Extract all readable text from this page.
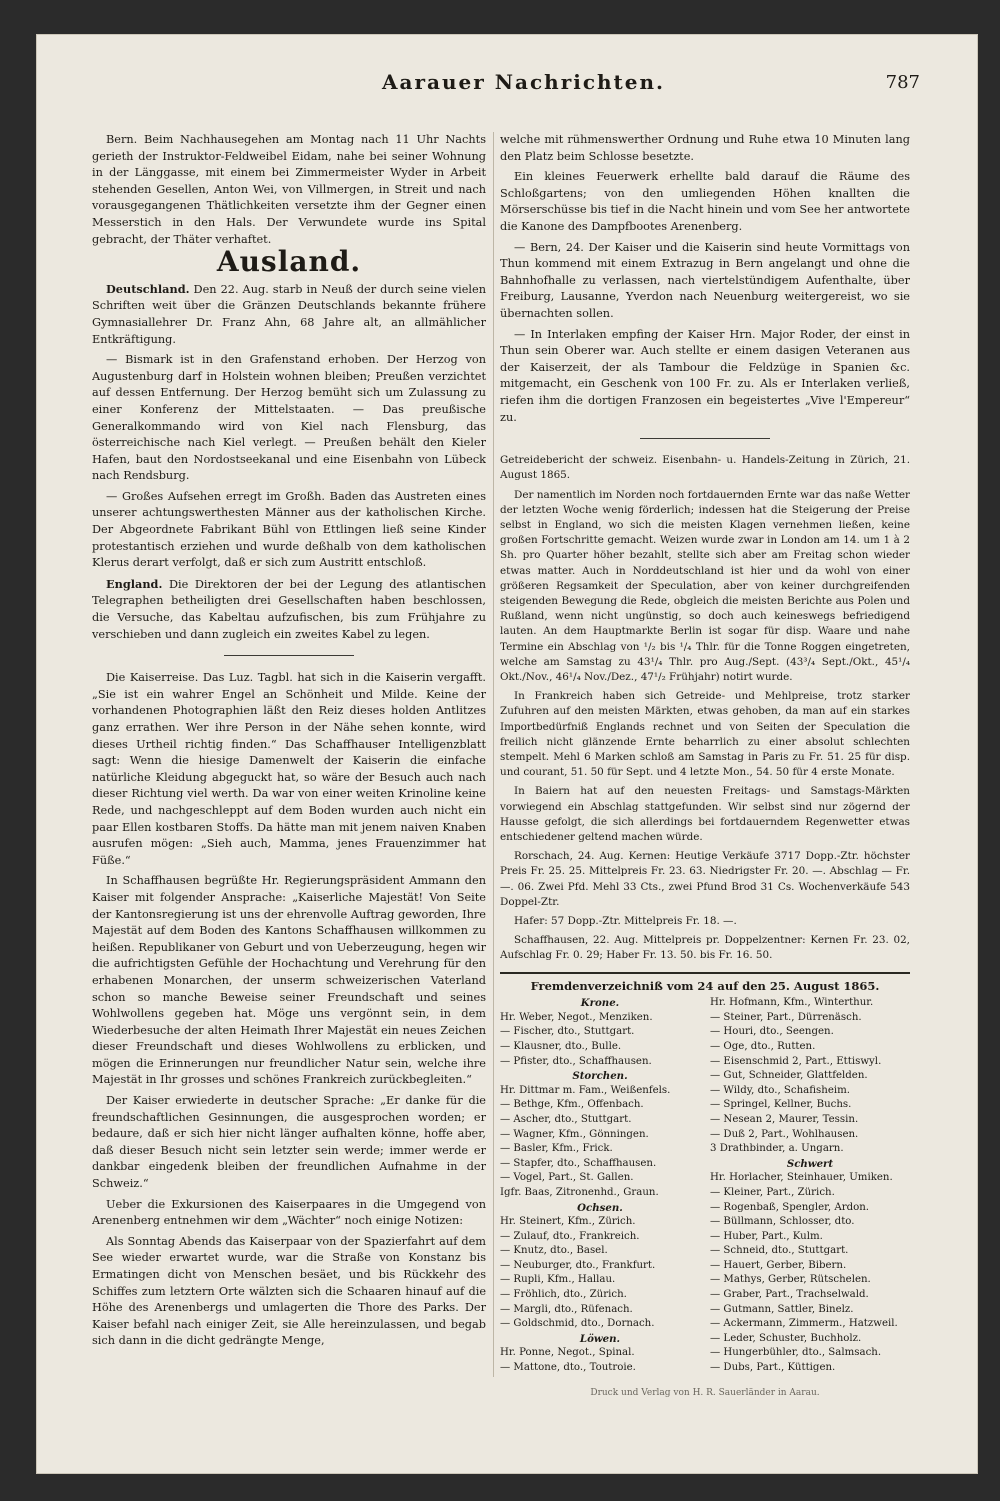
Aarauer Nachrichten.	787

Bern. Beim Nachhausegehen am Montag nach 11 Uhr Nachts gerieth der Instruktor-Feldweibel Eidam, nahe bei seiner Wohnung in der Länggasse, mit einem bei Zimmermeister Wyder in Arbeit stehenden Gesellen, Anton Wei, von Villmergen, in Streit und nach vorausgegangenen Thätlichkeiten versetzte ihm der Gegner einen Messerstich in den Hals. Der Verwundete wurde ins Spital gebracht, der Thäter verhaftet.

Ausland.

Deutschland. Den 22. Aug. starb in Neuß der durch seine vielen Schriften weit über die Gränzen Deutschlands bekannte frühere Gymnasiallehrer Dr. Franz Ahn, 68 Jahre alt, an allmählicher Entkräftigung.

— Bismark ist in den Grafenstand erhoben. Der Herzog von Augustenburg darf in Holstein wohnen bleiben; Preußen verzichtet auf dessen Entfernung. Der Herzog bemüht sich um Zulassung zu einer Konferenz der Mittelstaaten. — Das preußische Generalkommando wird von Kiel nach Flensburg, das österreichische nach Kiel verlegt. — Preußen behält den Kieler Hafen, baut den Nordostseekanal und eine Eisenbahn von Lübeck nach Rendsburg.

— Großes Aufsehen erregt im Großh. Baden das Austreten eines unserer achtungswerthesten Männer aus der katholischen Kirche. Der Abgeordnete Fabrikant Bühl von Ettlingen ließ seine Kinder protestantisch erziehen und wurde deßhalb von dem katholischen Klerus derart verfolgt, daß er sich zum Austritt entschloß.

England. Die Direktoren der bei der Legung des atlantischen Telegraphen betheiligten drei Gesellschaften haben beschlossen, die Versuche, das Kabeltau aufzufischen, bis zum Frühjahre zu verschieben und dann zugleich ein zweites Kabel zu legen.

Die Kaiserreise. Das Luz. Tagbl. hat sich in die Kaiserin vergafft. „Sie ist ein wahrer Engel an Schönheit und Milde. Keine der vorhandenen Photographien läßt den Reiz dieses holden Antlitzes ganz errathen. Wer ihre Person in der Nähe sehen konnte, wird dieses Urtheil richtig finden.“ Das Schaffhauser Intelligenzblatt sagt: Wenn die hiesige Damenwelt der Kaiserin die einfache natürliche Kleidung abgeguckt hat, so wäre der Besuch auch nach dieser Richtung viel werth. Da war von einer weiten Krinoline keine Rede, und nachgeschleppt auf dem Boden wurden auch nicht ein paar Ellen kostbaren Stoffs. Da hätte man mit jenem naiven Knaben ausrufen mögen: „Sieh auch, Mamma, jenes Frauenzimmer hat Füße.“

In Schaffhausen begrüßte Hr. Regierungspräsident Ammann den Kaiser mit folgender Ansprache: „Kaiserliche Majestät! Von Seite der Kantonsregierung ist uns der ehrenvolle Auftrag geworden, Ihre Majestät auf dem Boden des Kantons Schaffhausen willkommen zu heißen. Republikaner von Geburt und von Ueberzeugung, hegen wir die aufrichtigsten Gefühle der Hochachtung und Verehrung für den erhabenen Monarchen, der unserm schweizerischen Vaterland schon so manche Beweise seiner Freundschaft und seines Wohlwollens gegeben hat. Möge uns vergönnt sein, in dem Wiederbesuche der alten Heimath Ihrer Majestät ein neues Zeichen dieser Freundschaft und dieses Wohlwollens zu erblicken, und mögen die Erinnerungen nur freundlicher Natur sein, welche ihre Majestät in Ihr grosses und schönes Frankreich zurückbegleiten.“

Der Kaiser erwiederte in deutscher Sprache: „Er danke für die freundschaftlichen Gesinnungen, die ausgesprochen worden; er bedaure, daß er sich hier nicht länger aufhalten könne, hoffe aber, daß dieser Besuch nicht sein letzter sein werde; immer werde er dankbar eingedenk bleiben der freundlichen Aufnahme in der Schweiz.“

Ueber die Exkursionen des Kaiserpaares in die Umgegend von Arenenberg entnehmen wir dem „Wächter“ noch einige Notizen:

Als Sonntag Abends das Kaiserpaar von der Spazierfahrt auf dem See wieder erwartet wurde, war die Straße von Konstanz bis Ermatingen dicht von Menschen besäet, und bis Rückkehr des Schiffes zum letztern Orte wälzten sich die Schaaren hinauf auf die Höhe des Arenenbergs und umlagerten die Thore des Parks. Der Kaiser befahl nach einiger Zeit, sie Alle hereinzulassen, und begab sich dann in die dicht gedrängte Menge,

welche mit rühmenswerther Ordnung und Ruhe etwa 10 Minuten lang den Platz beim Schlosse besetzte.

Ein kleines Feuerwerk erhellte bald darauf die Räume des Schloßgartens; von den umliegenden Höhen knallten die Mörserschüsse bis tief in die Nacht hinein und vom See her antwortete die Kanone des Dampfbootes Arenenberg.

— Bern, 24. Der Kaiser und die Kaiserin sind heute Vormittags von Thun kommend mit einem Extrazug in Bern angelangt und ohne die Bahnhofhalle zu verlassen, nach viertelstündigem Aufenthalte, über Freiburg, Lausanne, Yverdon nach Neuenburg weitergereist, wo sie übernachten sollen.

— In Interlaken empfing der Kaiser Hrn. Major Roder, der einst in Thun sein Oberer war. Auch stellte er einem dasigen Veteranen aus der Kaiserzeit, der als Tambour die Feldzüge in Spanien &c. mitgemacht, ein Geschenk von 100 Fr. zu. Als er Interlaken verließ, riefen ihm die dortigen Franzosen ein begeistertes „Vive l'Empereur“ zu.

Getreidebericht der schweiz. Eisenbahn- u. Handels-Zeitung in Zürich, 21. August 1865.

Der namentlich im Norden noch fortdauernden Ernte war das naße Wetter der letzten Woche wenig förderlich; indessen hat die Steigerung der Preise selbst in England, wo sich die meisten Klagen vernehmen ließen, keine großen Fortschritte gemacht. Weizen wurde zwar in London am 14. um 1 à 2 Sh. pro Quarter höher bezahlt, stellte sich aber am Freitag schon wieder etwas matter. Auch in Norddeutschland ist hier und da wohl von einer größeren Regsamkeit der Speculation, aber von keiner durchgreifenden steigenden Bewegung die Rede, obgleich die meisten Berichte aus Polen und Rußland, wenn nicht ungünstig, so doch auch keineswegs befriedigend lauten. An dem Hauptmarkte Berlin ist sogar für disp. Waare und nahe Termine ein Abschlag von ¹/₂ bis ¹/₄ Thlr. für die Tonne Roggen eingetreten, welche am Samstag zu 43¹/₄ Thlr. pro Aug./Sept. (43³/₄ Sept./Okt., 45¹/₄ Okt./Nov., 46¹/₄ Nov./Dez., 47¹/₂ Frühjahr) notirt wurde.

In Frankreich haben sich Getreide- und Mehlpreise, trotz starker Zufuhren auf den meisten Märkten, etwas gehoben, da man auf ein starkes Importbedürfniß Englands rechnet und von Seiten der Speculation die freilich nicht glänzende Ernte beharrlich zu einer absolut schlechten stempelt. Mehl 6 Marken schloß am Samstag in Paris zu Fr. 51. 25 für disp. und courant, 51. 50 für Sept. und 4 letzte Mon., 54. 50 für 4 erste Monate.

In Baiern hat auf den neuesten Freitags- und Samstags-Märkten vorwiegend ein Abschlag stattgefunden. Wir selbst sind nur zögernd der Hausse gefolgt, die sich allerdings bei fortdauerndem Regenwetter etwas entschiedener geltend machen würde.

Rorschach, 24. Aug. Kernen: Heutige Verkäufe 3717 Dopp.-Ztr. höchster Preis Fr. 25. 25. Mittelpreis Fr. 23. 63. Niedrigster Fr. 20. —. Abschlag — Fr. —. 06. Zwei Pfd. Mehl 33 Cts., zwei Pfund Brod 31 Cs. Wochenverkäufe 543 Doppel-Ztr.

Hafer: 57 Dopp.-Ztr. Mittelpreis Fr. 18. —.

Schaffhausen, 22. Aug. Mittelpreis pr. Doppelzentner: Kernen Fr. 23. 02, Aufschlag Fr. 0. 29; Haber Fr. 13. 50. bis Fr. 16. 50.

Fremdenverzeichniß vom 24 auf den 25. August 1865.
Krone.
Hr. Weber, Negot., Menziken.
— Fischer, dto., Stuttgart.
— Klausner, dto., Bulle.
— Pfister, dto., Schaffhausen.
Storchen.
Hr. Dittmar m. Fam., Weißenfels.
— Bethge, Kfm., Offenbach.
— Ascher, dto., Stuttgart.
— Wagner, Kfm., Gönningen.
— Basler, Kfm., Frick.
— Stapfer, dto., Schaffhausen.
— Vogel, Part., St. Gallen.
Igfr. Baas, Zitronenhd., Graun.
Ochsen.
Hr. Steinert, Kfm., Zürich.
— Zulauf, dto., Frankreich.
— Knutz, dto., Basel.
— Neuburger, dto., Frankfurt.
— Rupli, Kfm., Hallau.
— Fröhlich, dto., Zürich.
— Margli, dto., Rüfenach.
— Goldschmid, dto., Dornach.
Löwen.
Hr. Ponne, Negot., Spinal.
— Mattone, dto., Toutroie.
Hr. Hofmann, Kfm., Winterthur.
— Steiner, Part., Dürrenäsch.
— Houri, dto., Seengen.
— Oge, dto., Rutten.
— Eisenschmid 2, Part., Ettiswyl.
— Gut, Schneider, Glattfelden.
— Wildy, dto., Schafisheim.
— Springel, Kellner, Buchs.
— Nesean 2, Maurer, Tessin.
— Duß 2, Part., Wohlhausen.
3 Drathbinder, a. Ungarn.
Schwert
Hr. Horlacher, Steinhauer, Umiken.
— Kleiner, Part., Zürich.
— Rogenbaß, Spengler, Ardon.
— Büllmann, Schlosser, dto.
— Huber, Part., Kulm.
— Schneid, dto., Stuttgart.
— Hauert, Gerber, Bibern.
— Mathys, Gerber, Rütschelen.
— Graber, Part., Trachselwald.
— Gutmann, Sattler, Binelz.
— Ackermann, Zimmerm., Hatzweil.
— Leder, Schuster, Buchholz.
— Hungerbühler, dto., Salmsach.
— Dubs, Part., Küttigen.
Druck und Verlag von H. R. Sauerländer in Aarau.
